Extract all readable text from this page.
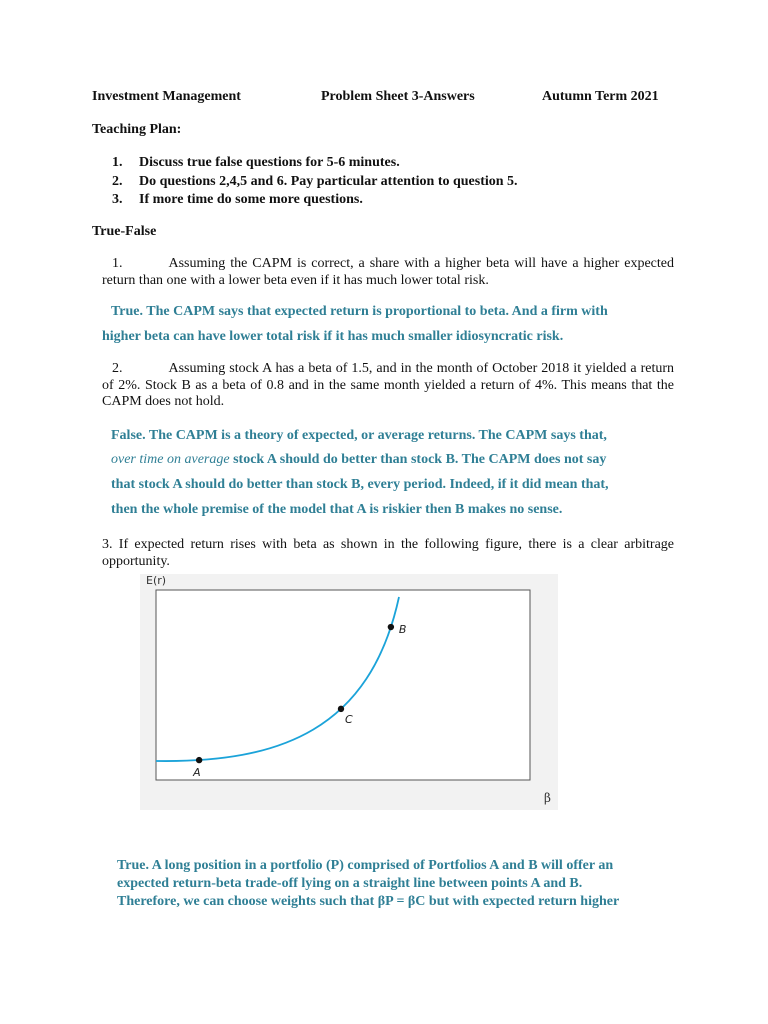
Investment Management	Problem Sheet 3-Answers	Autumn Term 2021
Teaching Plan:
1. Discuss true false questions for 5-6 minutes.
2. Do questions 2,4,5 and 6. Pay particular attention to question 5.
3. If more time do some more questions.
True-False
1.	Assuming the CAPM is correct, a share with a higher beta will have a higher expected return than one with a lower beta even if it has much lower total risk.
True. The CAPM says that expected return is proportional to beta. And a firm with
higher beta can have lower total risk if it has much smaller idiosyncratic risk.
2.	Assuming stock A has a beta of 1.5, and in the month of October 2018 it yielded a return of 2%. Stock B as a beta of 0.8 and in the same month yielded a return of 4%. This means that the CAPM does not hold.
False. The CAPM is a theory of expected, or average returns. The CAPM says that,
over time on average stock A should do better than stock B. The CAPM does not say
that stock A should do better than stock B, every period. Indeed, if it did mean that,
then the whole premise of the model that A is riskier then B makes no sense.
3. If expected return rises with beta as shown in the following figure, there is a clear arbitrage opportunity.
E(r)
β
A
C
B
True. A long position in a portfolio (P) comprised of Portfolios A and B will offer an
expected return-beta trade-off lying on a straight line between points A and B.
Therefore, we can choose weights such that βP = βC but with expected return higher
